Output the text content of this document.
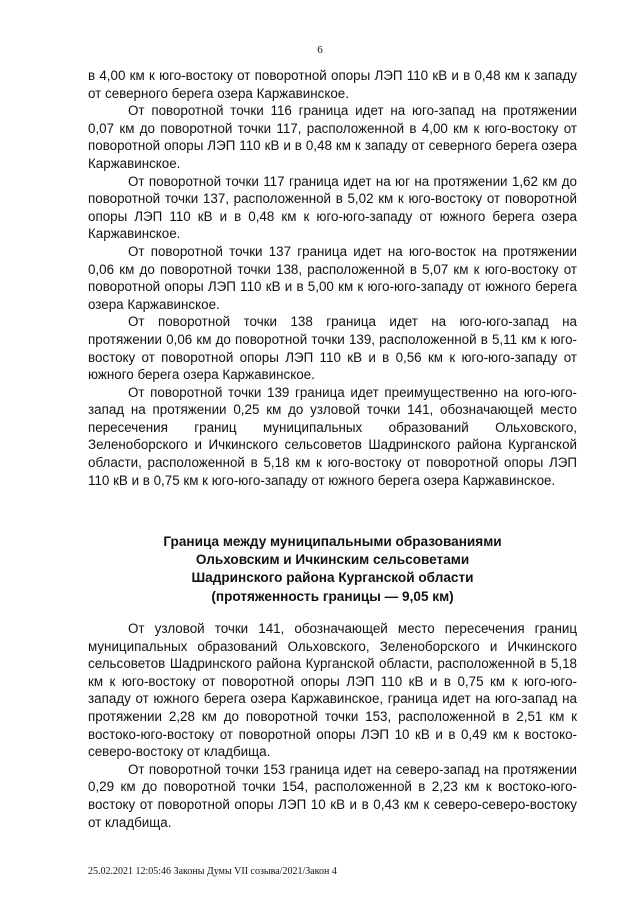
6

в 4,00 км к юго-востоку от поворотной опоры ЛЭП 110 кВ и в 0,48 км к западу от северного берега озера Каржавинское.

От поворотной точки 116 граница идет на юго-запад на протяжении 0,07 км до поворотной точки 117, расположенной в 4,00 км к юго-востоку от поворотной опоры ЛЭП 110 кВ и в 0,48 км к западу от северного берега озера Каржавинское.

От поворотной точки 117 граница идет на юг на протяжении 1,62 км до поворотной точки 137, расположенной в 5,02 км к юго-востоку от поворотной опоры ЛЭП 110 кВ и в 0,48 км к юго-юго-западу от южного берега озера Каржавинское.

От поворотной точки 137 граница идет на юго-восток на протяжении 0,06 км до поворотной точки 138, расположенной в 5,07 км к юго-востоку от поворотной опоры ЛЭП 110 кВ и в 5,00 км к юго-юго-западу от южного берега озера Каржавинское.

От поворотной точки 138 граница идет на юго-юго-запад на протяжении 0,06 км до поворотной точки 139, расположенной в 5,11 км к юго-востоку от поворотной опоры ЛЭП 110 кВ и в 0,56 км к юго-юго-западу от южного берега озера Каржавинское.

От поворотной точки 139 граница идет преимущественно на юго-юго-запад на протяжении 0,25 км до узловой точки 141, обозначающей место пересечения границ муниципальных образований Ольховского, Зеленоборского и Ичкинского сельсоветов Шадринского района Курганской области, расположенной в 5,18 км к юго-востоку от поворотной опоры ЛЭП 110 кВ и в 0,75 км к юго-юго-западу от южного берега озера Каржавинское.

Граница между муниципальными образованиями
Ольховским и Ичкинским сельсоветами
Шадринского района Курганской области
(протяженность границы — 9,05 км)

От узловой точки 141, обозначающей место пересечения границ муниципальных образований Ольховского, Зеленоборского и Ичкинского сельсоветов Шадринского района Курганской области, расположенной в 5,18 км к юго-востоку от поворотной опоры ЛЭП 110 кВ и в 0,75 км к юго-юго-западу от южного берега озера Каржавинское, граница идет на юго-запад на протяжении 2,28 км до поворотной точки 153, расположенной в 2,51 км к востоко-юго-востоку от поворотной опоры ЛЭП 10 кВ и в 0,49 км к востоко-северо-востоку от кладбища.

От поворотной точки 153 граница идет на северо-запад на протяжении 0,29 км до поворотной точки 154, расположенной в 2,23 км к востоко-юго-востоку от поворотной опоры ЛЭП 10 кВ и в 0,43 км к северо-северо-востоку от кладбища.

25.02.2021 12:05:46 Законы Думы VII созыва/2021/Закон 4
